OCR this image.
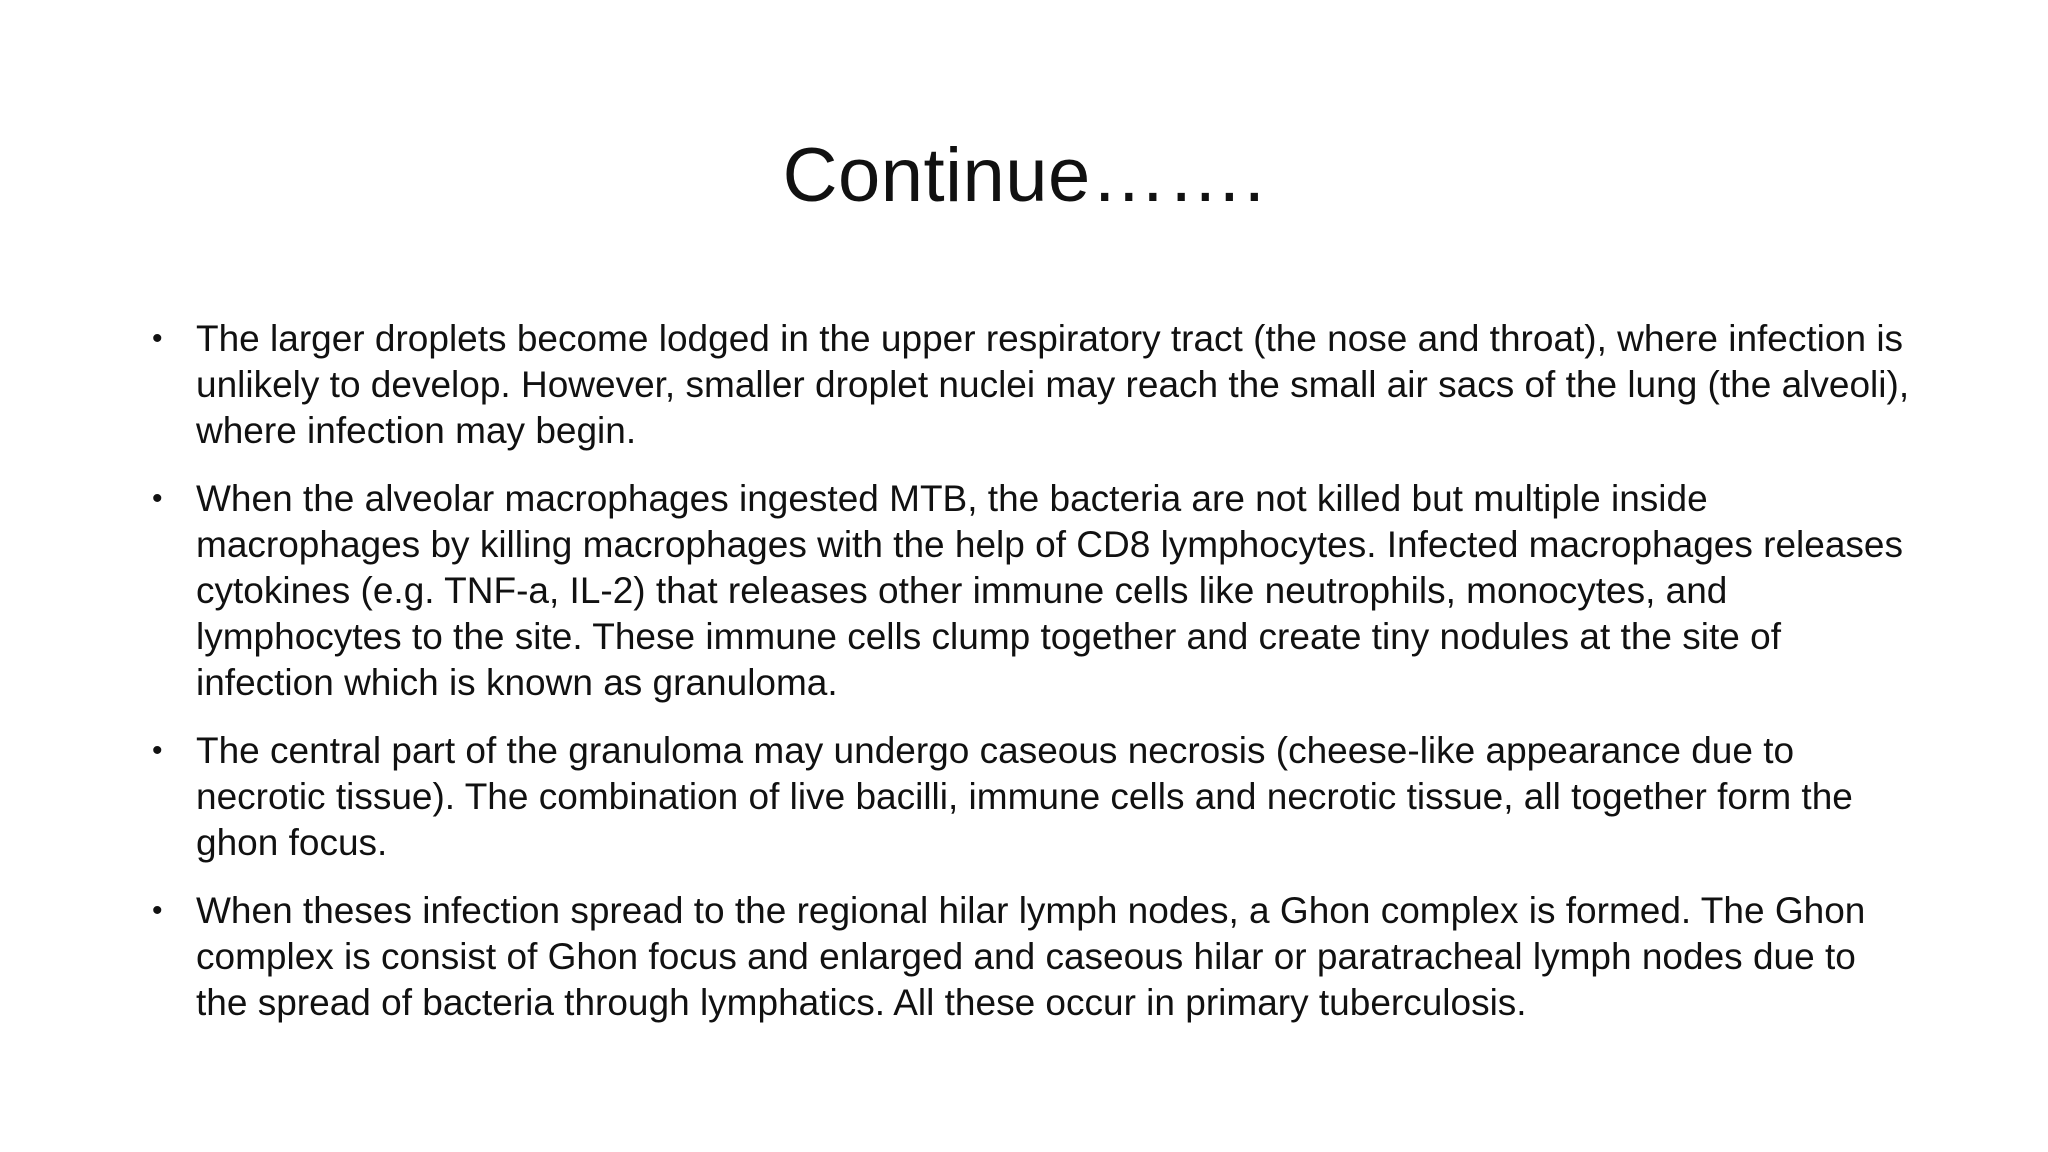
Continue…….
• The larger droplets become lodged in the upper respiratory tract (the nose and throat), where infection is unlikely to develop. However, smaller droplet nuclei may reach the small air sacs of the lung (the alveoli), where infection may begin.
• When the alveolar macrophages ingested MTB, the bacteria are not killed but multiple inside macrophages by killing macrophages with the help of CD8 lymphocytes. Infected macrophages releases cytokines (e.g. TNF-a, IL-2) that releases other immune cells like neutrophils, monocytes, and lymphocytes to the site. These immune cells clump together and create tiny nodules at the site of infection which is known as granuloma.
• The central part of the granuloma may undergo caseous necrosis (cheese-like appearance due to necrotic tissue). The combination of live bacilli, immune cells and necrotic tissue, all together form the ghon focus.
• When theses infection spread to the regional hilar lymph nodes, a Ghon complex is formed. The Ghon complex is consist of Ghon focus and enlarged and caseous hilar or paratracheal lymph nodes due to the spread of bacteria through lymphatics. All these occur in primary tuberculosis.
